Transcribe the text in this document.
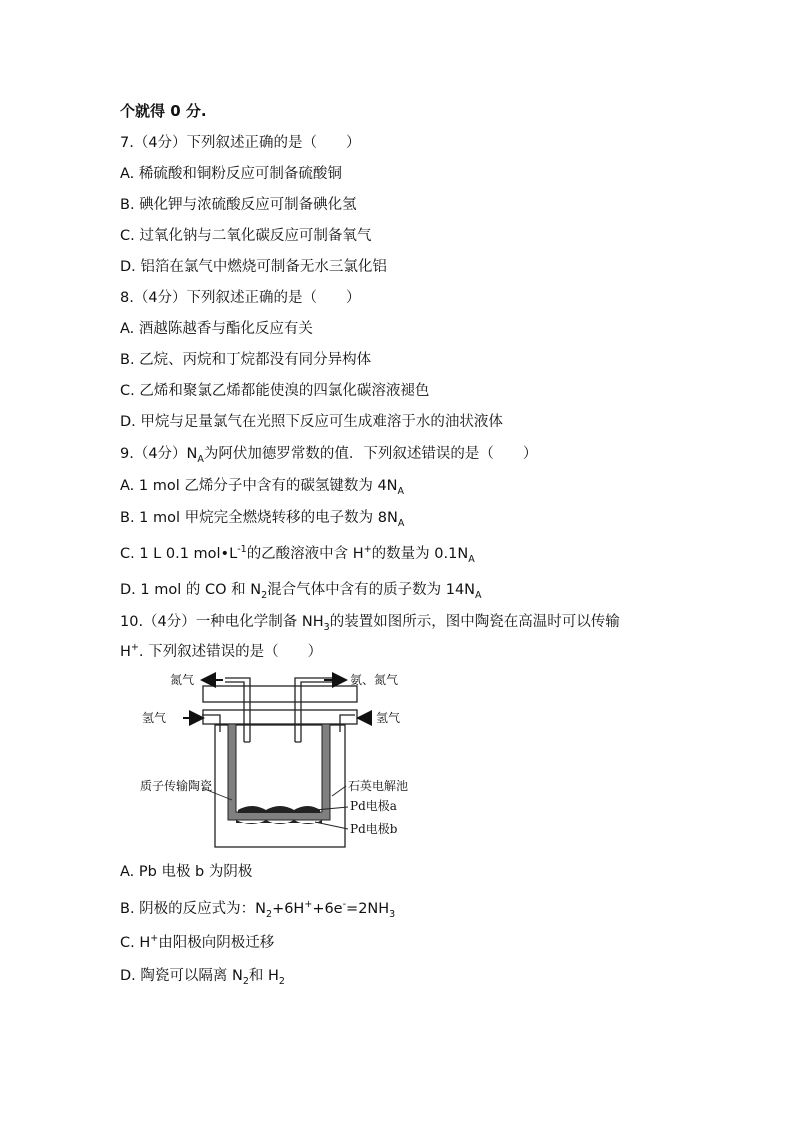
个就得 0 分.
7.（4分）下列叙述正确的是（　　）
A. 稀硫酸和铜粉反应可制备硫酸铜
B. 碘化钾与浓硫酸反应可制备碘化氢
C. 过氧化钠与二氧化碳反应可制备氧气
D. 铝箔在氯气中燃烧可制备无水三氯化铝
8.（4分）下列叙述正确的是（　　）
A. 酒越陈越香与酯化反应有关
B. 乙烷、丙烷和丁烷都没有同分异构体
C. 乙烯和聚氯乙烯都能使溴的四氯化碳溶液褪色
D. 甲烷与足量氯气在光照下反应可生成难溶于水的油状液体
9.（4分）$N_A$为阿伏加德罗常数的值．下列叙述错误的是（　　）
A. 1 mol 乙烯分子中含有的碳氢键数为 $4N_A$
B. 1 mol 甲烷完全燃烧转移的电子数为 $8N_A$
C. 1 L 0.1 $mol•L^{-1}$的乙酸溶液中含 H+的数量为 $0.1N_A$
D. 1 mol 的 CO 和 $N_2$混合气体中含有的质子数为 $14N_A$
10.（4分）一种电化学制备 $NH_3$的装置如图所示，图中陶瓷在高温时可以传输
H+. 下列叙述错误的是（　　）
氮气	氨、氮气
氢气	氢气
质子传输陶瓷	石英电解池
Pd电极a
Pd电极b
A. Pb 电极 b 为阴极
B. 阴极的反应式为：$N_2+6H^++6e^-=2NH_3$
C. H+由阳极向阴极迁移
D. 陶瓷可以隔离 $N_2$和 $H_2$
